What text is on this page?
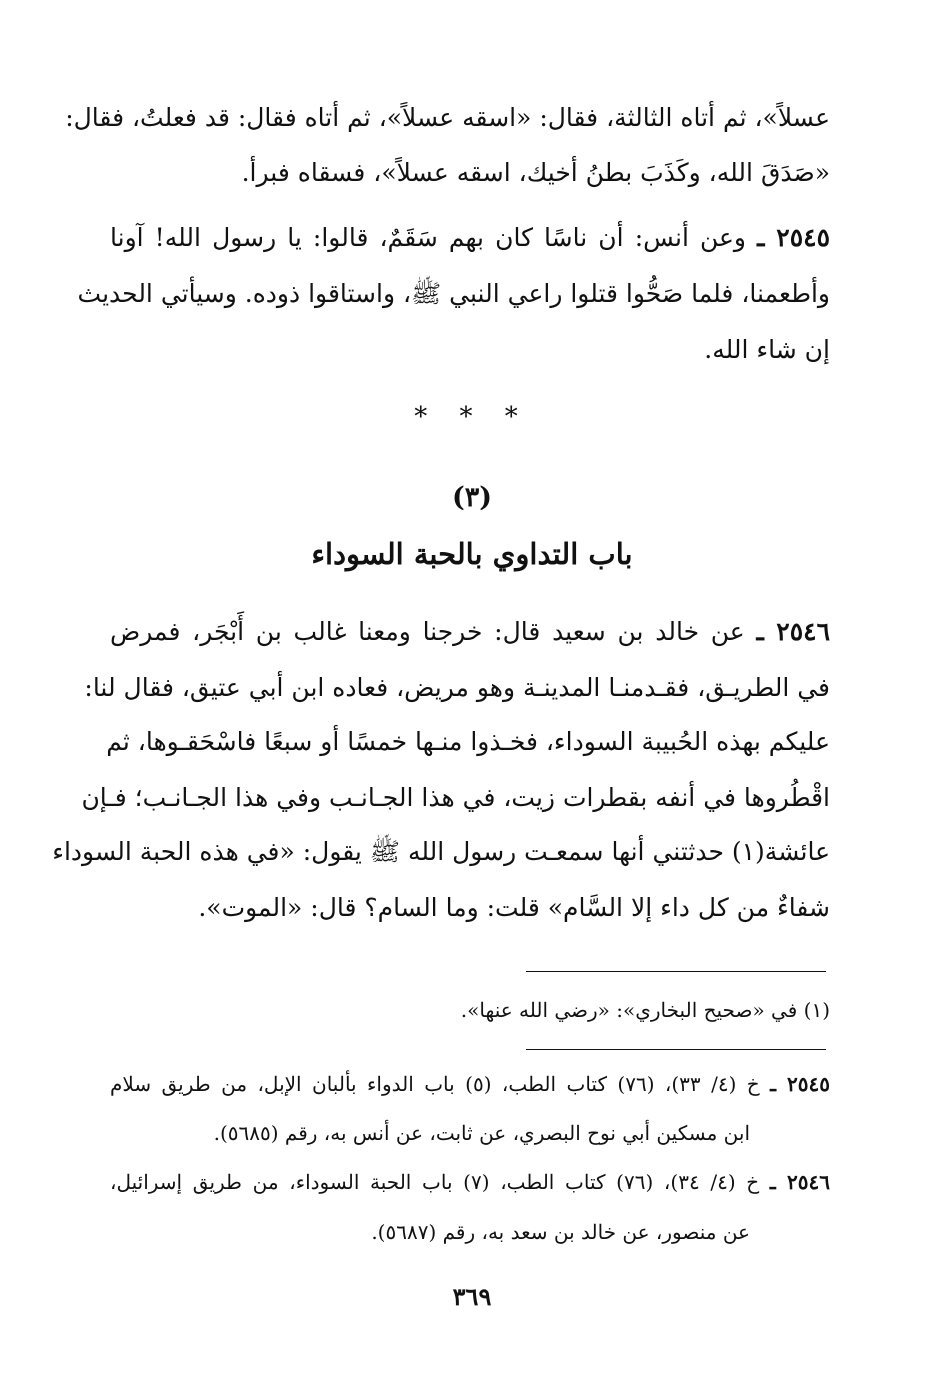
عسلاً»، ثم أتاه الثالثة، فقال: «اسقه عسلاً»، ثم أتاه فقال: قد فعلتُ، فقال:
«صَدَقَ الله، وكَذَبَ بطنُ أخيك، اسقه عسلاً»، فسقاه فبرأ.
٢٥٤٥ ـ وعن أنس: أن ناسًا كان بهم سَقَمٌ، قالوا: يا رسول الله! آونا
وأطعمنا، فلما صَحُّوا قتلوا راعي النبي ﷺ، واستاقوا ذوده. وسيأتي الحديث
إن شاء الله.
* * *
(٣)
باب التداوي بالحبة السوداء
٢٥٤٦ ـ عن خالد بن سعيد قال: خرجنا ومعنا غالب بن أَبْجَر، فمرض
في الطريـق، فقـدمنـا المدينـة وهو مريض، فعاده ابن أبي عتيق، فقال لنا:
عليكم بهذه الحُبيبة السوداء، فخـذوا منـها خمسًا أو سبعًا فاسْحَقـوها، ثم
اقْطُروها في أنفه بقطرات زيت، في هذا الجـانـب وفي هذا الجـانـب؛ فـإن
عائشة(١) حدثتني أنها سمعـت رسول الله ﷺ يقول: «في هذه الحبة السوداء
شفاءٌ من كل داء إلا السَّام» قلت: وما السام؟ قال: «الموت».
(١) في «صحيح البخاري»: «رضي الله عنها».
٢٥٤٥ ـ خ (٤/ ٣٣)، (٧٦) كتاب الطب، (٥) باب الدواء بألبان الإبل، من طريق سلام
ابن مسكين أبي نوح البصري، عن ثابت، عن أنس به، رقم (٥٦٨٥).
٢٥٤٦ ـ خ (٤/ ٣٤)، (٧٦) كتاب الطب، (٧) باب الحبة السوداء، من طريق إسرائيل،
عن منصور، عن خالد بن سعد به، رقم (٥٦٨٧).
٣٦٩
